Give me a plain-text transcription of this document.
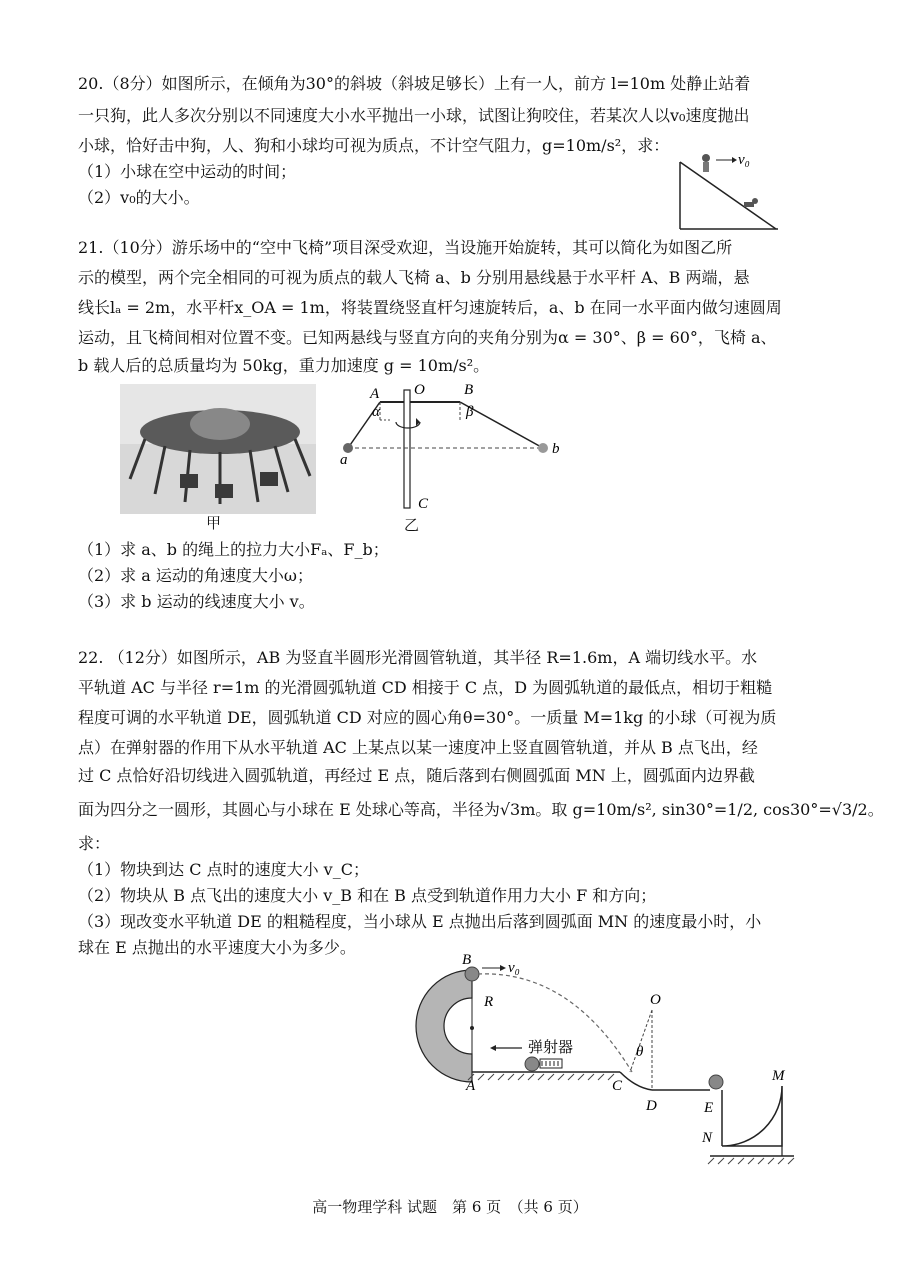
20.（8分）如图所示，在倾角为30°的斜坡（斜坡足够长）上有一人，前方 l=10m 处静止站着
一只狗，此人多次分别以不同速度大小水平抛出一小球，试图让狗咬住，若某次人以v₀速度抛出
小球，恰好击中狗，人、狗和小球均可视为质点，不计空气阻力，g=10m/s²，求：
（1）小球在空中运动的时间；
（2）v₀的大小。
v₀
21.（10分）游乐场中的“空中飞椅”项目深受欢迎，当设施开始旋转，其可以简化为如图乙所
示的模型，两个完全相同的可视为质点的载人飞椅 a、b 分别用悬线悬于水平杆 A、B 两端，悬
线长lₐ = 2m，水平杆x_OA = 1m，将装置绕竖直杆匀速旋转后，a、b 在同一水平面内做匀速圆周
运动，且飞椅间相对位置不变。已知两悬线与竖直方向的夹角分别为α = 30°、β = 60°，飞椅 a、
b 载人后的总质量均为 50kg，重力加速度 g = 10m/s²。
甲
A O	B
α	β
a
b
C
乙
（1）求 a、b 的绳上的拉力大小Fₐ、F_b；
（2）求 a 运动的角速度大小ω；
（3）求 b 运动的线速度大小 v。
22. （12分）如图所示，AB 为竖直半圆形光滑圆管轨道，其半径 R=1.6m，A 端切线水平。水
平轨道 AC 与半径 r=1m 的光滑圆弧轨道 CD 相接于 C 点，D 为圆弧轨道的最低点，相切于粗糙
程度可调的水平轨道 DE，圆弧轨道 CD 对应的圆心角θ=30°。一质量 M=1kg 的小球（可视为质
点）在弹射器的作用下从水平轨道 AC 上某点以某一速度冲上竖直圆管轨道，并从 B 点飞出，经
过 C 点恰好沿切线进入圆弧轨道，再经过 E 点，随后落到右侧圆弧面 MN 上，圆弧面内边界截
面为四分之一圆形，其圆心与小球在 E 处球心等高，半径为√3m。取 g=10m/s², sin30°=1/2, cos30°=√3/2。
求：
（1）物块到达 C 点时的速度大小 v_C；
（2）物块从 B 点飞出的速度大小 v_B 和在 B 点受到轨道作用力大小 F 和方向；
（3）现改变水平轨道 DE 的粗糙程度，当小球从 E 点抛出后落到圆弧面 MN 的速度最小时，小
球在 E 点抛出的水平速度大小为多少。
v₀
B
R
弹射器
O
θ
A	C
D
M
E
N
高一物理学科 试题　第 6 页　（共 6 页）
